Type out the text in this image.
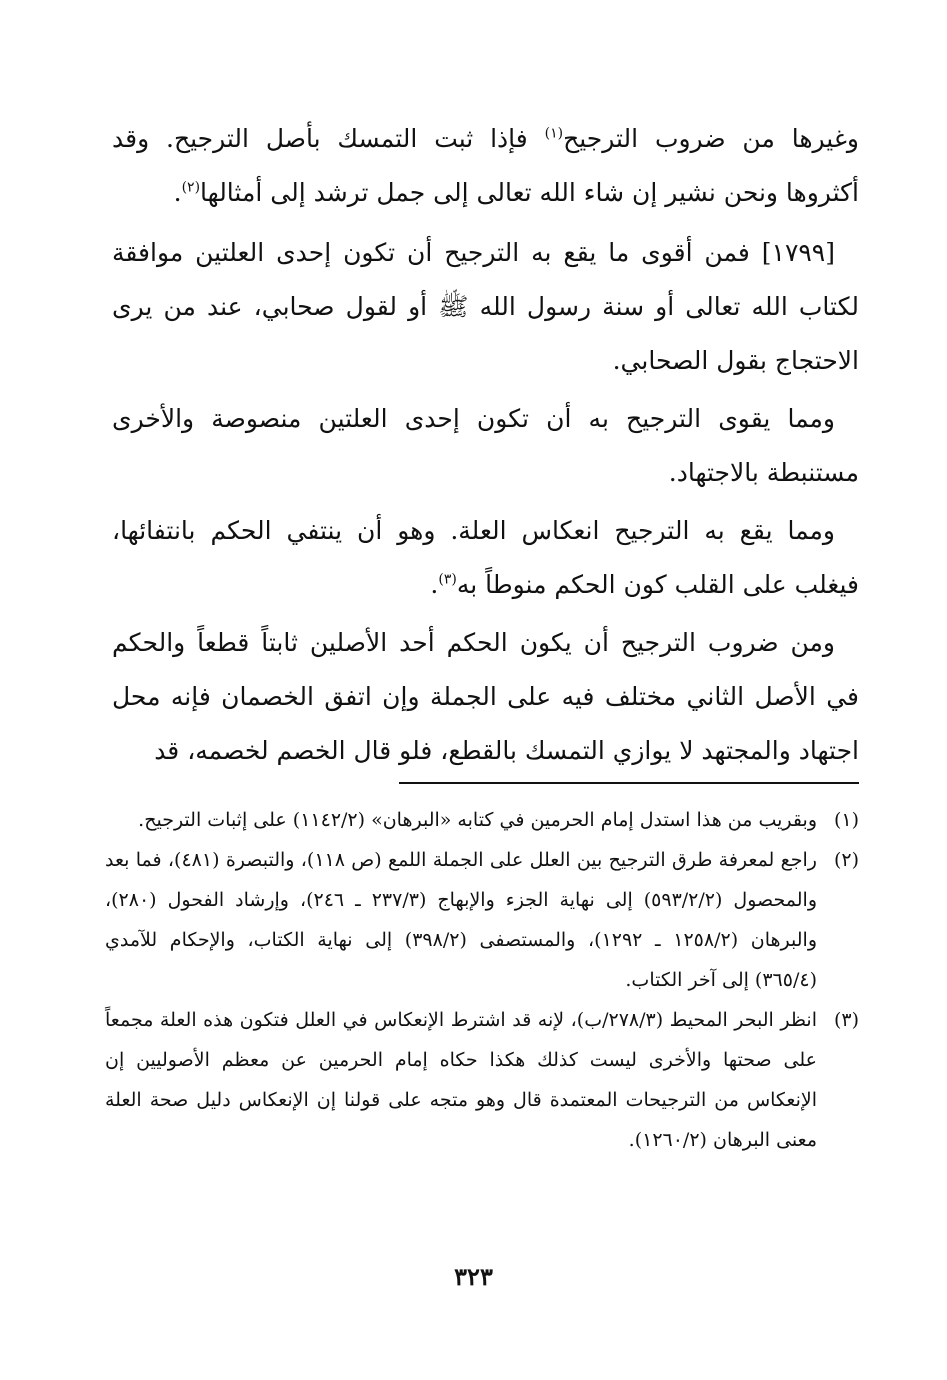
وغيرها من ضروب الترجيح$^{(١)}$ فإذا ثبت التمسك بأصل الترجيح. وقد أكثروها ونحن نشير إن شاء الله تعالى إلى جمل ترشد إلى أمثالها$^{(٢)}$.

[١٧٩٩] فمن أقوى ما يقع به الترجيح أن تكون إحدى العلتين موافقة لكتاب الله تعالى أو سنة رسول الله ﷺ أو لقول صحابي، عند من يرى الاحتجاج بقول الصحابي.

ومما يقوى الترجيح به أن تكون إحدى العلتين منصوصة والأخرى مستنبطة بالاجتهاد.

ومما يقع به الترجيح انعكاس العلة. وهو أن ينتفي الحكم بانتفائها، فيغلب على القلب كون الحكم منوطاً به$^{(٣)}$.

ومن ضروب الترجيح أن يكون الحكم أحد الأصلين ثابتاً قطعاً والحكم في الأصل الثاني مختلف فيه على الجملة وإن اتفق الخصمان فإنه محل اجتهاد والمجتهد لا يوازي التمسك بالقطع، فلو قال الخصم لخصمه، قد

(١)
وبقريب من هذا استدل إمام الحرمين في كتابه «البرهان» (١١٤٢/٢) على إثبات الترجيح.
(٢)
راجع لمعرفة طرق الترجيح بين العلل على الجملة اللمع (ص ١١٨)، والتبصرة (٤٨١)، فما بعد والمحصول (٥٩٣/٢/٢) إلى نهاية الجزء والإبهاج (٢٣٧/٣ ـ ٢٤٦)، وإرشاد الفحول (٢٨٠)، والبرهان (١٢٥٨/٢ ـ ١٢٩٢)، والمستصفى (٣٩٨/٢) إلى نهاية الكتاب، والإحكام للآمدي (٣٦٥/٤) إلى آخر الكتاب.
(٣)
انظر البحر المحيط (٢٧٨/٣/ب)، لإنه قد اشترط الإنعكاس في العلل فتكون هذه العلة مجمعاً على صحتها والأخرى ليست كذلك هكذا حكاه إمام الحرمين عن معظم الأصوليين إن الإنعكاس من الترجيحات المعتمدة قال وهو متجه على قولنا إن الإنعكاس دليل صحة العلة معنى البرهان (١٢٦٠/٢).
٣٢٣
